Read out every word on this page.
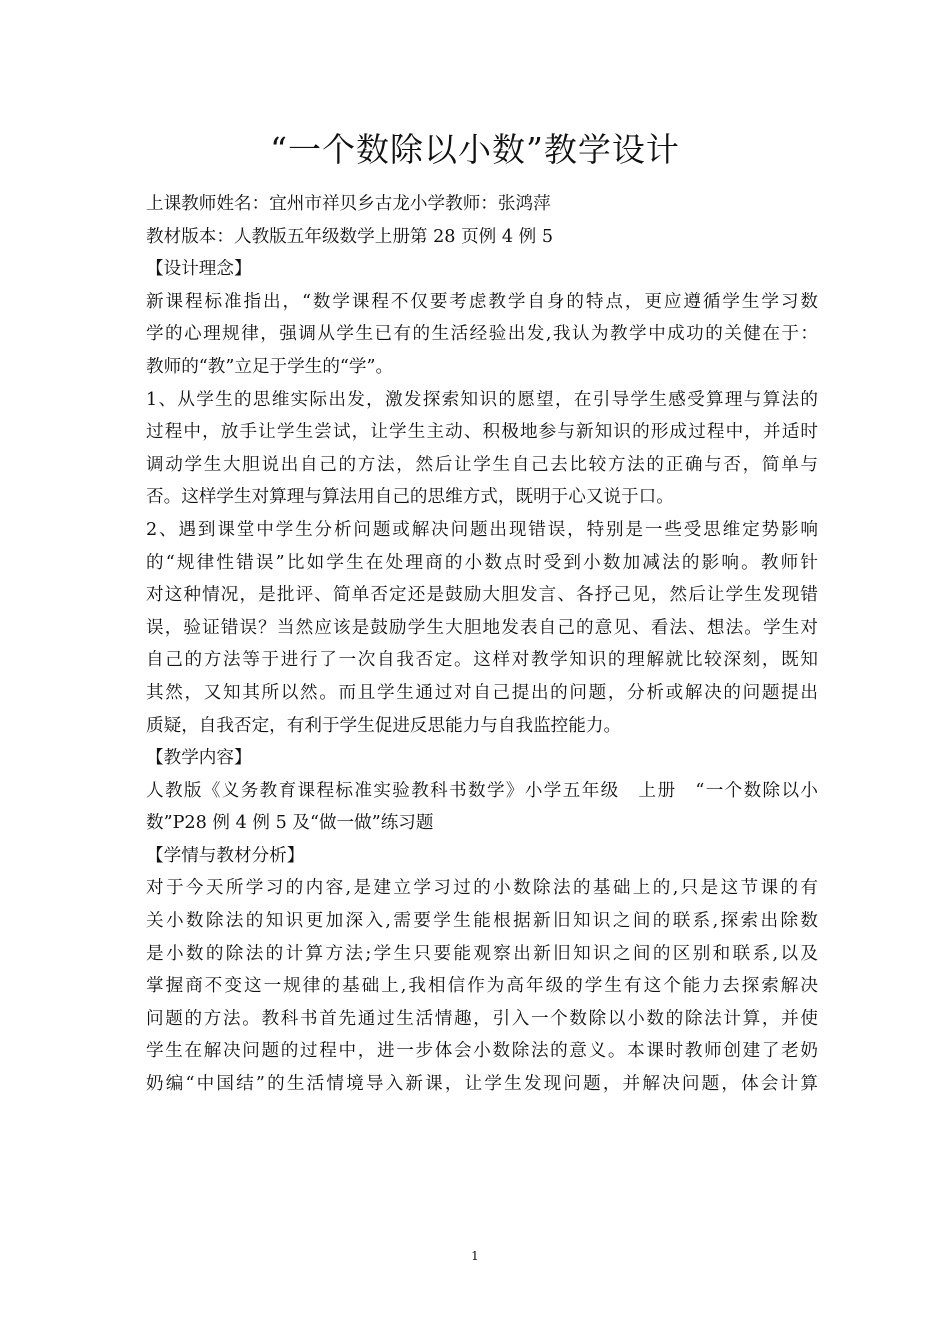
“一个数除以小数”教学设计
上课教师姓名：宜州市祥贝乡古龙小学教师：张鸿萍
教材版本：人教版五年级数学上册第 28 页例 4 例 5
【设计理念】
新课程标准指出，“数学课程不仅要考虑教学自身的特点，更应遵循学生学习数
学的心理规律，强调从学生已有的生活经验出发,我认为教学中成功的关健在于：
教师的“教”立足于学生的“学”。
1、从学生的思维实际出发，激发探索知识的愿望，在引导学生感受算理与算法的
过程中，放手让学生尝试，让学生主动、积极地参与新知识的形成过程中，并适时
调动学生大胆说出自己的方法，然后让学生自己去比较方法的正确与否，简单与
否。这样学生对算理与算法用自己的思维方式，既明于心又说于口。
2、遇到课堂中学生分析问题或解决问题出现错误，特别是一些受思维定势影响
的“规律性错误”比如学生在处理商的小数点时受到小数加减法的影响。教师针
对这种情况，是批评、简单否定还是鼓励大胆发言、各抒己见，然后让学生发现错
误，验证错误？当然应该是鼓励学生大胆地发表自己的意见、看法、想法。学生对
自己的方法等于进行了一次自我否定。这样对教学知识的理解就比较深刻，既知
其然，又知其所以然。而且学生通过对自己提出的问题，分析或解决的问题提出
质疑，自我否定，有利于学生促进反思能力与自我监控能力。
【教学内容】
人教版《义务教育课程标准实验教科书数学》小学五年级　上册　“一个数除以小
数”P28 例 4 例 5 及“做一做”练习题
【学情与教材分析】
对于今天所学习的内容,是建立学习过的小数除法的基础上的,只是这节课的有
关小数除法的知识更加深入,需要学生能根据新旧知识之间的联系,探索出除数
是小数的除法的计算方法;学生只要能观察出新旧知识之间的区别和联系,以及
掌握商不变这一规律的基础上,我相信作为高年级的学生有这个能力去探索解决
问题的方法。教科书首先通过生活情趣，引入一个数除以小数的除法计算，并使
学生在解决问题的过程中，进一步体会小数除法的意义。本课时教师创建了老奶
奶编“中国结”的生活情境导入新课，让学生发现问题，并解决问题，体会计算
1
